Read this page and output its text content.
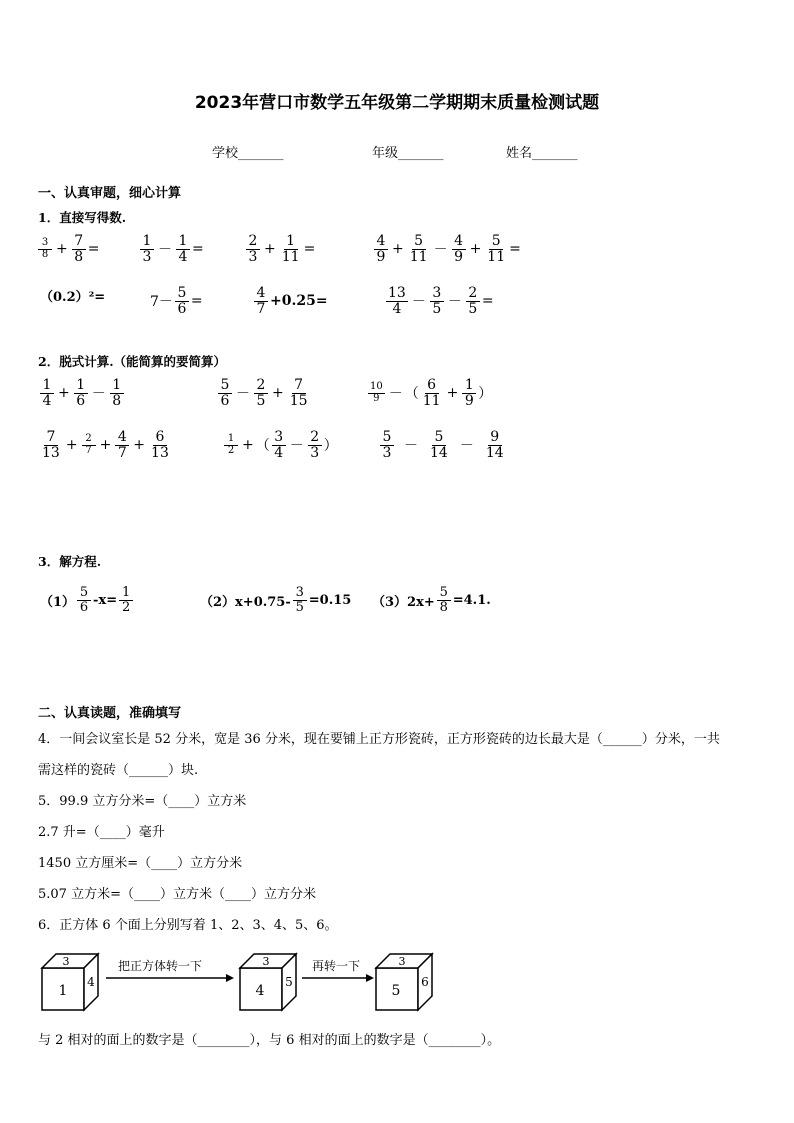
2023年营口市数学五年级第二学期期末质量检测试题
学校_______	年级_______	姓名_______
一、认真审题，细心计算
1．直接写得数.
$\frac{3}{8} + \frac{7}{8}$ =	$\frac{1}{3} - \frac{1}{4}$ =	$\frac{2}{3} + \frac{1}{11}$ =	$\frac{4}{9} + \frac{5}{11} - \frac{4}{9} + \frac{5}{11}$ =
（0.2）²=	$7- \frac{5}{6}$ =	$\frac{4}{7} +0.25=$	$\frac{13}{4} - \frac{3}{5} - \frac{2}{5}$ =
2．脱式计算.（能简算的要简算）
$\frac{1}{4} + \frac{1}{6} - \frac{1}{8}$	$\frac{5}{6} - \frac{2}{5} + \frac{7}{15}$	$\frac{10}{9}$ － （ $\frac{6}{11} + \frac{1}{9}$ ）
$\frac{7}{13} + \frac{2}{7} + \frac{4}{7} + \frac{6}{13}$	$\frac{1}{2}$ + （ $\frac{3}{4} - \frac{2}{3}$ ）	$\frac{5}{3} - \frac{5}{14} - \frac{9}{14}$
3．解方程.
$(1) \frac{5}{6} -x= \frac{1}{2}$	$(2)x+0.75- \frac{3}{5} =0.15$ $(3)2x+ \frac{5}{8} =4.1$.
二、认真读题，准确填写
4．一间会议室长是 52 分米，宽是 36 分米，现在要铺上正方形瓷砖，正方形瓷砖的边长最大是（______）分米，一共
需这样的瓷砖（______）块.
5．99.9 立方分米=（____）立方米
2.7 升=（____）毫升
1450 立方厘米=（____）立方分米
5.07 立方米=（____）立方米（____）立方分米
6．正方体 6 个面上分别写着 1、2、3、4、5、6。
3
1
4
把正方体转一下	3
4
5
再转一下	3
5
6
与 2 相对的面上的数字是（________），与 6 相对的面上的数字是（________）。
